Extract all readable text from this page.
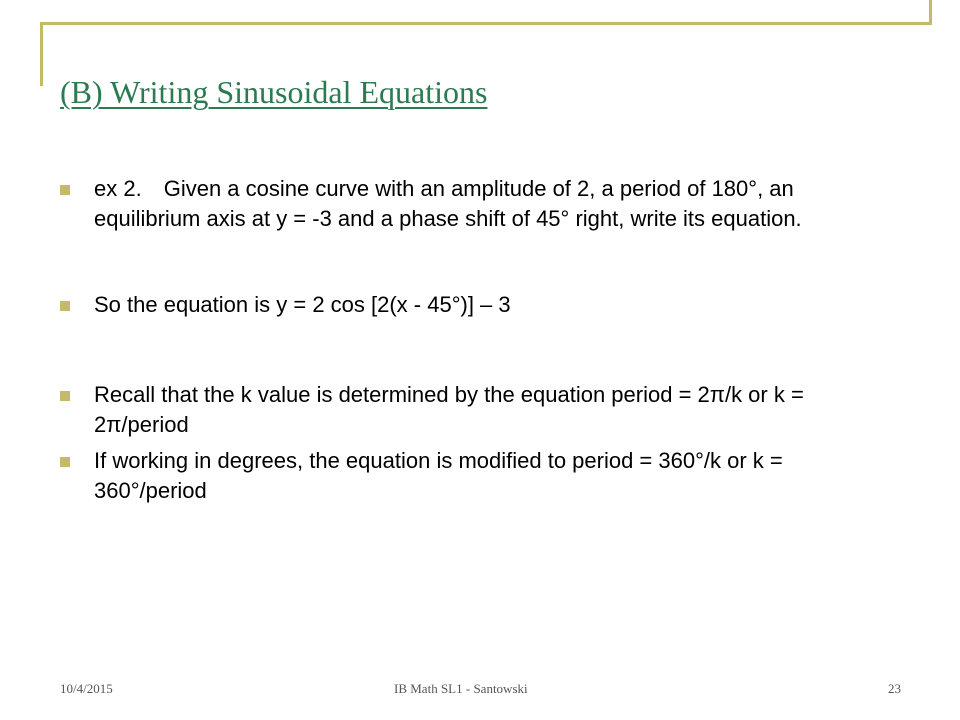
(B) Writing Sinusoidal Equations
ex 2. Given a cosine curve with an amplitude of 2, a period of 180°, an equilibrium axis at y = -3 and a phase shift of 45° right, write its equation.
So the equation is y = 2 cos [2(x - 45°)] – 3
Recall that the k value is determined by the equation period = 2π/k or k = 2π/period
If working in degrees, the equation is modified to period = 360°/k or k = 360°/period
10/4/2015	IB Math SL1 - Santowski	23
